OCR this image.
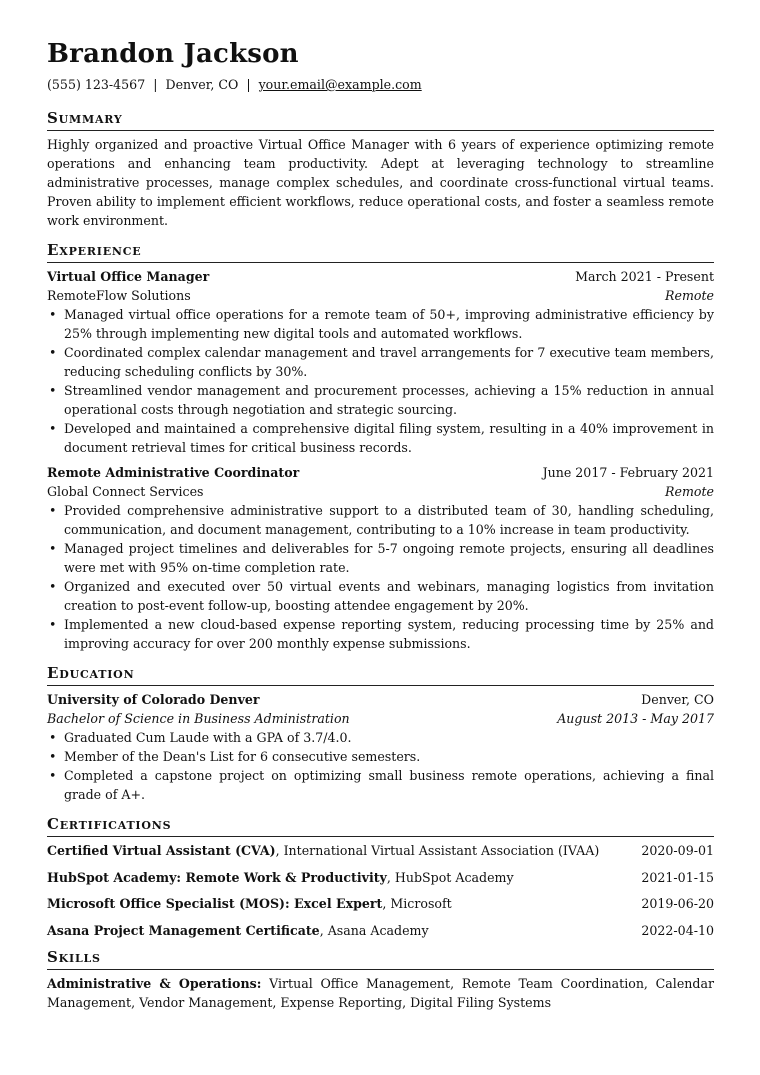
Brandon Jackson
(555) 123-4567 | Denver, CO | your.email@example.com
Summary
Highly organized and proactive Virtual Office Manager with 6 years of experience optimizing remote operations and enhancing team productivity. Adept at leveraging technology to streamline administrative processes, manage complex schedules, and coordinate cross-functional virtual teams. Proven ability to implement efficient workflows, reduce operational costs, and foster a seamless remote work environment.
Experience
Virtual Office Manager	March 2021 - Present
RemoteFlow Solutions	Remote
• Managed virtual office operations for a remote team of 50+, improving administrative efficiency by 25% through implementing new digital tools and automated workflows.
• Coordinated complex calendar management and travel arrangements for 7 executive team members, reducing scheduling conflicts by 30%.
• Streamlined vendor management and procurement processes, achieving a 15% reduction in annual operational costs through negotiation and strategic sourcing.
• Developed and maintained a comprehensive digital filing system, resulting in a 40% improvement in document retrieval times for critical business records.
Remote Administrative Coordinator	June 2017 - February 2021
Global Connect Services	Remote
• Provided comprehensive administrative support to a distributed team of 30, handling scheduling, communication, and document management, contributing to a 10% increase in team productivity.
• Managed project timelines and deliverables for 5-7 ongoing remote projects, ensuring all deadlines were met with 95% on-time completion rate.
• Organized and executed over 50 virtual events and webinars, managing logistics from invitation creation to post-event follow-up, boosting attendee engagement by 20%.
• Implemented a new cloud-based expense reporting system, reducing processing time by 25% and improving accuracy for over 200 monthly expense submissions.
Education
University of Colorado Denver	Denver, CO
Bachelor of Science in Business Administration	August 2013 - May 2017
• Graduated Cum Laude with a GPA of 3.7/4.0.
• Member of the Dean's List for 6 consecutive semesters.
• Completed a capstone project on optimizing small business remote operations, achieving a final grade of A+.
Certifications
Certified Virtual Assistant (CVA), International Virtual Assistant Association (IVAA)	2020-09-01
HubSpot Academy: Remote Work & Productivity, HubSpot Academy	2021-01-15
Microsoft Office Specialist (MOS): Excel Expert, Microsoft	2019-06-20
Asana Project Management Certificate, Asana Academy	2022-04-10
Skills
Administrative & Operations: Virtual Office Management, Remote Team Coordination, Calendar Management, Vendor Management, Expense Reporting, Digital Filing Systems
